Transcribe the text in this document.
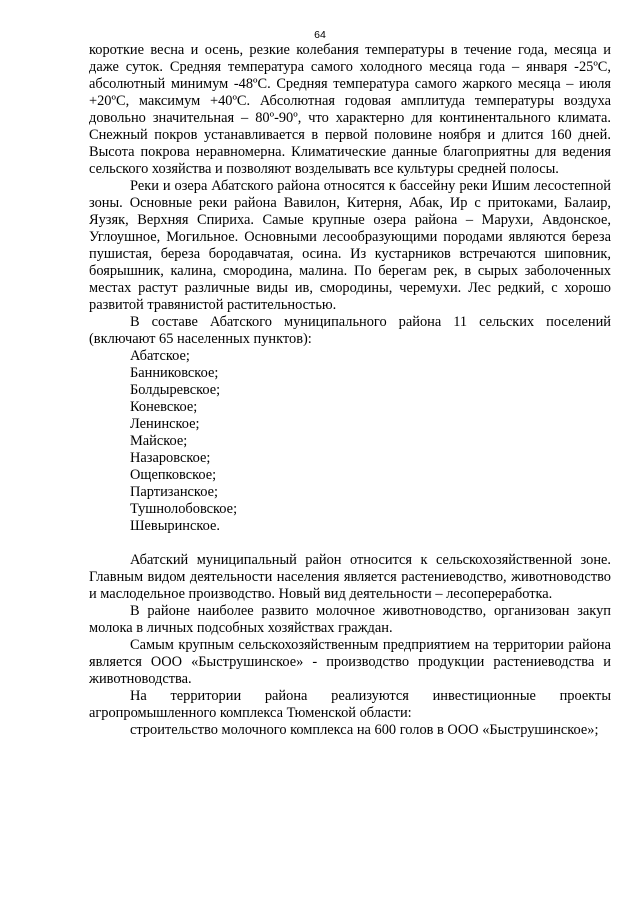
64

короткие весна и осень, резкие колебания температуры в течение года, месяца и даже суток. Средняя температура самого холодного месяца года – января -25ºС, абсолютный минимум -48ºС. Средняя температура самого жаркого месяца – июля +20ºС, максимум +40ºС. Абсолютная годовая амплитуда температуры воздуха довольно значительная – 80º-90º, что характерно для континентального климата. Снежный покров устанавливается в первой половине ноября и длится 160 дней. Высота покрова неравномерна. Климатические данные благоприятны для ведения сельского хозяйства и позволяют возделывать все культуры средней полосы.

Реки и озера Абатского района относятся к бассейну реки Ишим лесостепной зоны. Основные реки района Вавилон, Китерня, Абак, Ир с притоками, Балаир, Яузяк, Верхняя Спириха. Самые крупные озера района – Марухи, Авдонское, Углоушное, Могильное. Основными лесообразующими породами являются береза пушистая, береза бородавчатая, осина. Из кустарников встречаются шиповник, боярышник, калина, смородина, малина. По берегам рек, в сырых заболоченных местах растут различные виды ив, смородины, черемухи. Лес редкий, с хорошо развитой травянистой растительностью.

В составе Абатского муниципального района 11 сельских поселений (включают 65 населенных пунктов):

Абатское;
Банниковское;
Болдыревское;
Коневское;
Ленинское;
Майское;
Назаровское;
Ощепковское;
Партизанское;
Тушнолобовское;
Шевыринское.

Абатский муниципальный район относится к сельскохозяйственной зоне. Главным видом деятельности населения является растениеводство, животноводство и маслодельное производство. Новый вид деятельности – лесопереработка.

В районе наиболее развито молочное животноводство, организован закуп молока в личных подсобных хозяйствах граждан.

Самым крупным сельскохозяйственным предприятием на территории района является ООО «Быструшинское» - производство продукции растениеводства и животноводства.

На территории района реализуются инвестиционные проекты агропромышленного комплекса Тюменской области:

строительство молочного комплекса на 600 голов в ООО «Быструшинское»;
